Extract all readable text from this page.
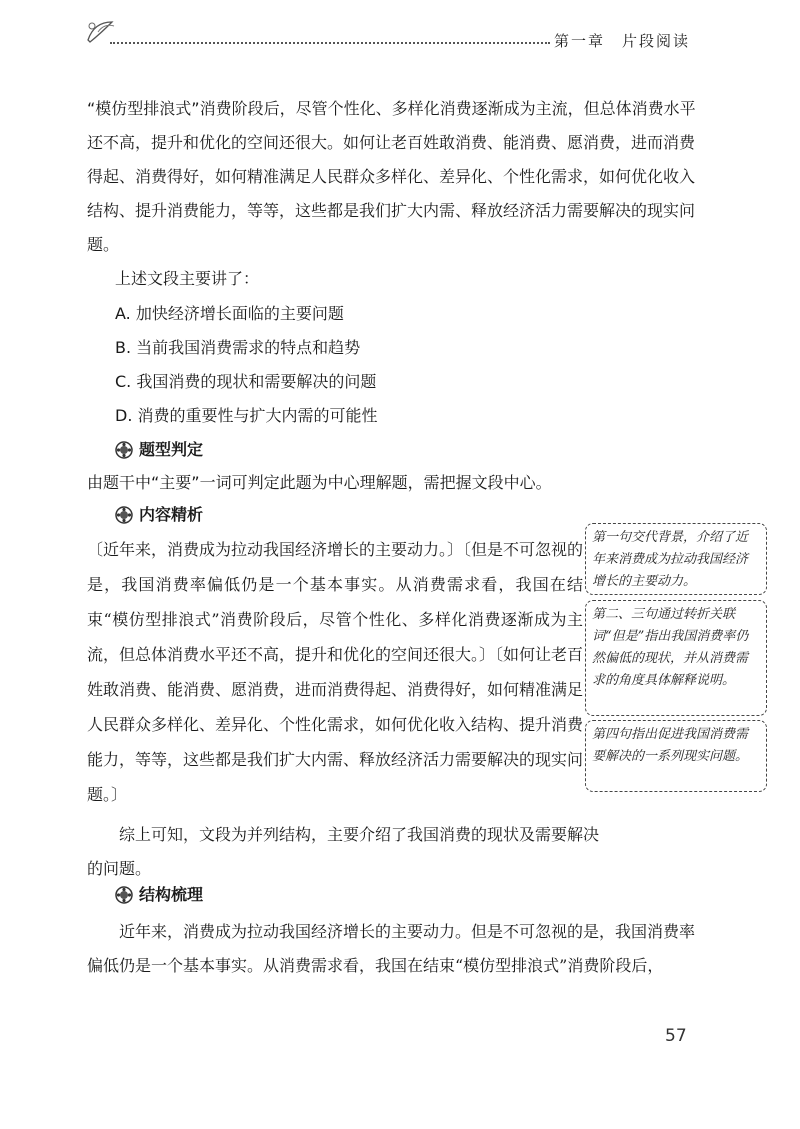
第一章　片段阅读

“模仿型排浪式”消费阶段后，尽管个性化、多样化消费逐渐成为主流，但总体消费水平还不高，提升和优化的空间还很大。如何让老百姓敢消费、能消费、愿消费，进而消费得起、消费得好，如何精准满足人民群众多样化、差异化、个性化需求，如何优化收入结构、提升消费能力，等等，这些都是我们扩大内需、释放经济活力需要解决的现实问题。

上述文段主要讲了：
A. 加快经济增长面临的主要问题
B. 当前我国消费需求的特点和趋势
C. 我国消费的现状和需要解决的问题
D. 消费的重要性与扩大内需的可能性
题型判定
由题干中“主要”一词可判定此题为中心理解题，需把握文段中心。
内容精析

〔近年来，消费成为拉动我国经济增长的主要动力。〕〔但是不可忽视的是，我国消费率偏低仍是一个基本事实。从消费需求看，我国在结束“模仿型排浪式”消费阶段后，尽管个性化、多样化消费逐渐成为主流，但总体消费水平还不高，提升和优化的空间还很大。〕〔如何让老百姓敢消费、能消费、愿消费，进而消费得起、消费得好，如何精准满足人民群众多样化、差异化、个性化需求，如何优化收入结构、提升消费能力，等等，这些都是我们扩大内需、释放经济活力需要解决的现实问题。〕

第一句交代背景，介绍了近年来消费成为拉动我国经济增长的主要动力。
第二、三句通过转折关联词“但是”指出我国消费率仍然偏低的现状，并从消费需求的角度具体解释说明。
第四句指出促进我国消费需要解决的一系列现实问题。

综上可知，文段为并列结构，主要介绍了我国消费的现状及需要解决的问题。

结构梳理

　　近年来，消费成为拉动我国经济增长的主要动力。但是不可忽视的是，我国消费率偏低仍是一个基本事实。从消费需求看，我国在结束“模仿型排浪式”消费阶段后，

57
